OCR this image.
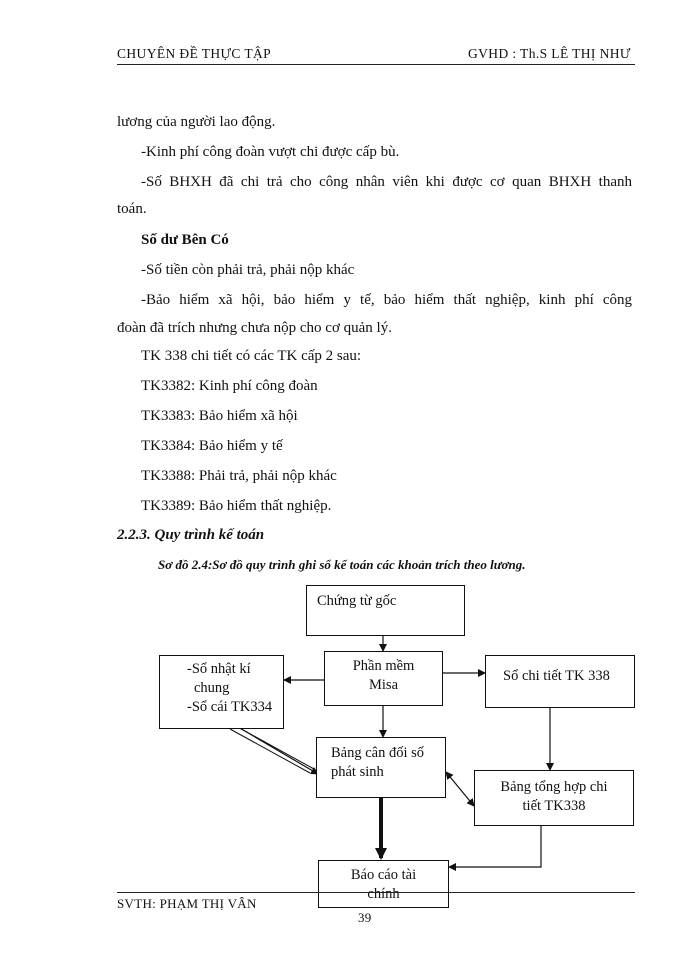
CHUYÊN ĐỀ THỰC TẬP	GVHD : Th.S LÊ THỊ NHƯ
lương của người lao động.
-Kinh phí công đoàn vượt chi được cấp bù.
-Số BHXH đã chi trả cho công nhân viên khi được cơ quan BHXH thanh
toán.
Số dư Bên Có
-Số tiền còn phải trả, phải nộp khác
-Bảo hiểm xã hội, bảo hiểm y tế, bảo hiểm thất nghiệp, kinh phí công
đoàn đã trích nhưng chưa nộp cho cơ quản lý.
TK 338 chi tiết có các TK cấp 2 sau:
TK3382: Kinh phí công đoàn
TK3383: Bảo hiểm xã hội
TK3384: Bảo hiểm y tế
TK3388: Phải trả, phải nộp khác
TK3389: Bảo hiểm thất nghiệp.
2.2.3. Quy trình kế toán
Sơ đồ 2.4:Sơ đồ quy trình ghi sổ kế toán các khoản trích theo lương.
Chứng từ gốc
Phần mềm
Misa
-Sổ nhật kí
chung
-Sổ cái TK334
Sổ chi tiết TK 338
Bảng cân đối số
phát sinh
Bảng tổng hợp chi
tiết TK338
Báo cáo tài
chính
SVTH: PHẠM THỊ VÂN
39
